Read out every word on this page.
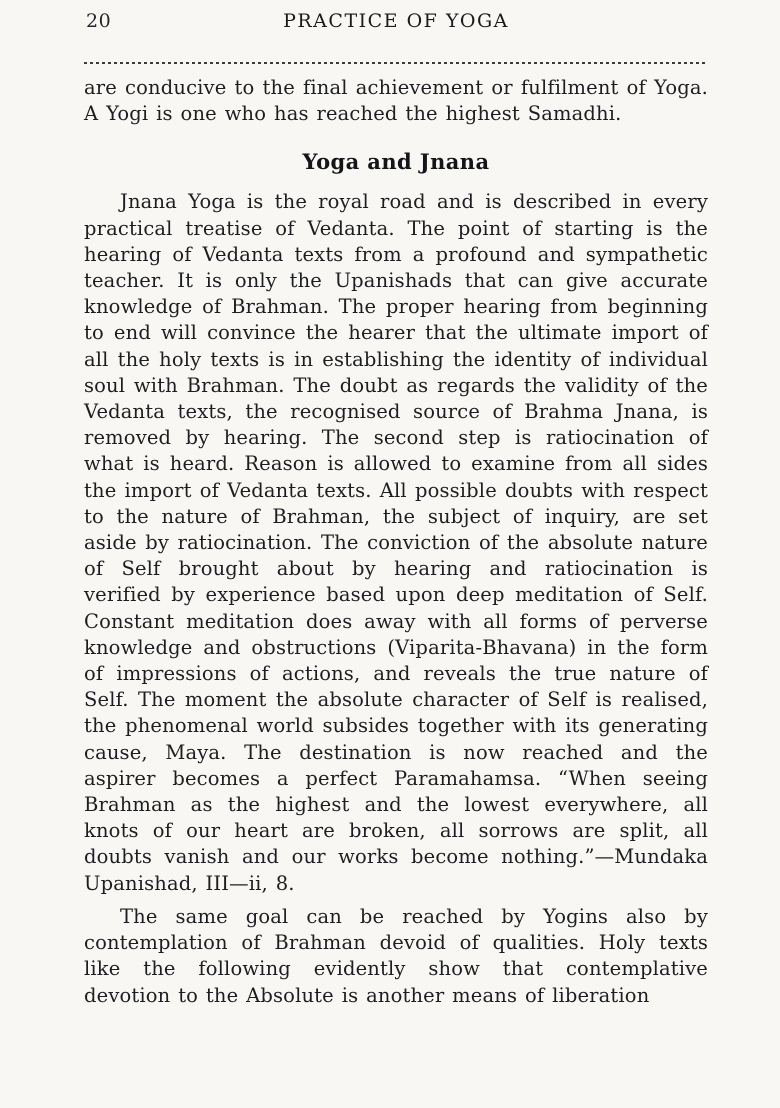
20	PRACTICE OF YOGA

are conducive to the final achievement or fulfilment of Yoga. A Yogi is one who has reached the highest Samadhi.

Yoga and Jnana

Jnana Yoga is the royal road and is described in every practical treatise of Vedanta. The point of starting is the hearing of Vedanta texts from a profound and sympathetic teacher. It is only the Upanishads that can give accurate knowledge of Brahman. The proper hearing from beginning to end will convince the hearer that the ultimate import of all the holy texts is in establishing the identity of individual soul with Brahman. The doubt as regards the validity of the Vedanta texts, the recognised source of Brahma Jnana, is removed by hearing. The second step is ratiocination of what is heard. Reason is allowed to examine from all sides the import of Vedanta texts. All possible doubts with respect to the nature of Brahman, the subject of inquiry, are set aside by ratiocination. The conviction of the absolute nature of Self brought about by hearing and ratiocination is verified by experience based upon deep meditation of Self. Constant meditation does away with all forms of perverse knowledge and obstructions (Viparita-Bhavana) in the form of impressions of actions, and reveals the true nature of Self. The moment the absolute character of Self is realised, the phenomenal world subsides together with its generating cause, Maya. The destination is now reached and the aspirer becomes a perfect Paramahamsa. “When seeing Brahman as the highest and the lowest everywhere, all knots of our heart are broken, all sorrows are split, all doubts vanish and our works become nothing.”—Mundaka Upanishad, III—ii, 8.

The same goal can be reached by Yogins also by contemplation of Brahman devoid of qualities. Holy texts like the following evidently show that contemplative devotion to the Absolute is another means of liberation
